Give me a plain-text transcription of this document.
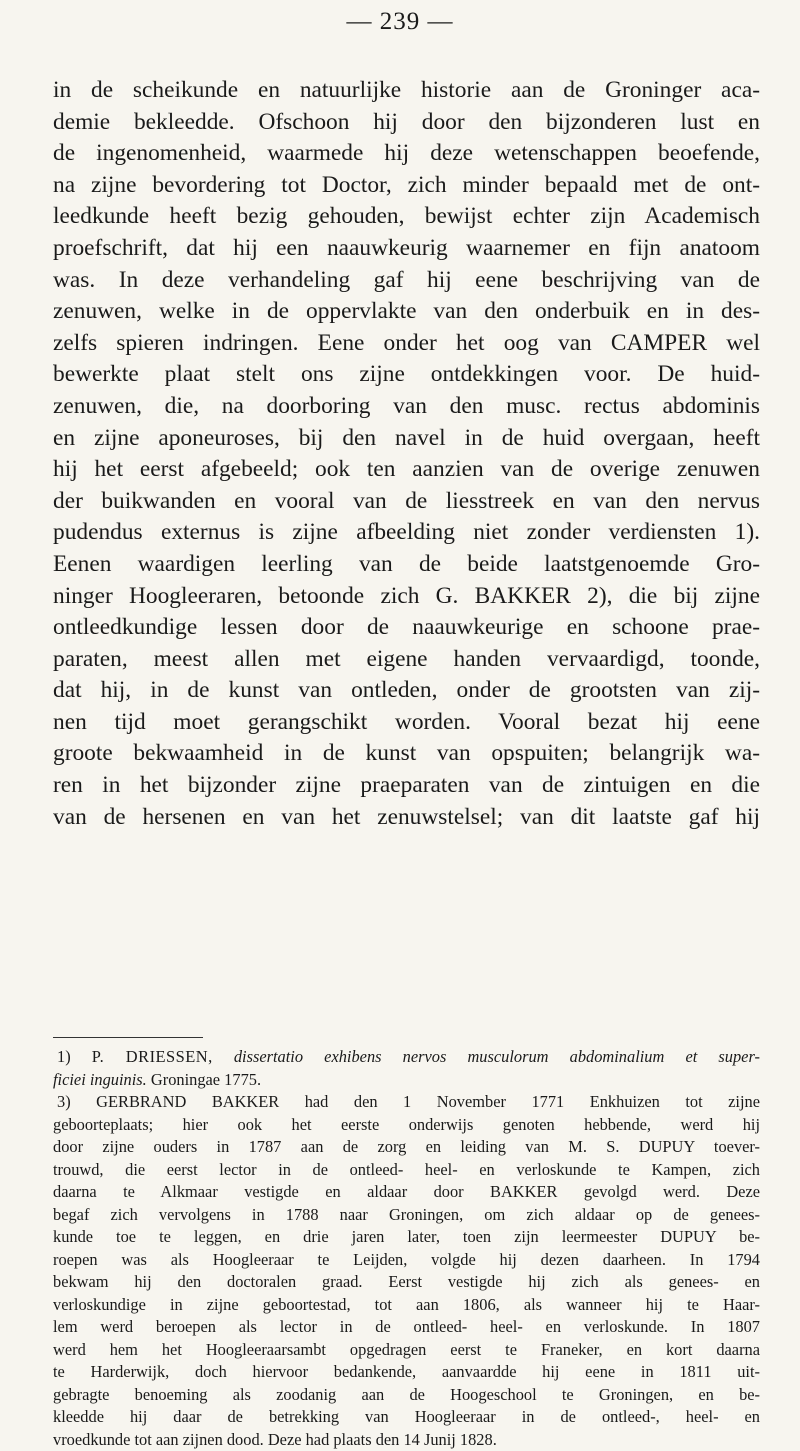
— 239 —
in de scheikunde en natuurlijke historie aan de Groninger aca-
demie bekleedde. Ofschoon hij door den bijzonderen lust en
de ingenomenheid, waarmede hij deze wetenschappen beoefende,
na zijne bevordering tot Doctor, zich minder bepaald met de ont-
leedkunde heeft bezig gehouden, bewijst echter zijn Academisch
proefschrift, dat hij een naauwkeurig waarnemer en fijn anatoom
was. In deze verhandeling gaf hij eene beschrijving van de
zenuwen, welke in de oppervlakte van den onderbuik en in des-
zelfs spieren indringen. Eene onder het oog van CAMPER wel
bewerkte plaat stelt ons zijne ontdekkingen voor. De huid-
zenuwen, die, na doorboring van den musc. rectus abdominis
en zijne aponeuroses, bij den navel in de huid overgaan, heeft
hij het eerst afgebeeld; ook ten aanzien van de overige zenuwen
der buikwanden en vooral van de liesstreek en van den nervus
pudendus externus is zijne afbeelding niet zonder verdiensten 1).
Eenen waardigen leerling van de beide laatstgenoemde Gro-
ninger Hoogleeraren, betoonde zich G. BAKKER 2), die bij zijne
ontleedkundige lessen door de naauwkeurige en schoone prae-
paraten, meest allen met eigene handen vervaardigd, toonde,
dat hij, in de kunst van ontleden, onder de grootsten van zij-
nen tijd moet gerangschikt worden. Vooral bezat hij eene
groote bekwaamheid in de kunst van opspuiten; belangrijk wa-
ren in het bijzonder zijne praeparaten van de zintuigen en die
van de hersenen en van het zenuwstelsel; van dit laatste gaf hij
1) P. DRIESSEN, dissertatio exhibens nervos musculorum abdominalium et super-
ficiei inguinis. Groningae 1775.
3) GERBRAND BAKKER had den 1 November 1771 Enkhuizen tot zijne
geboorteplaats; hier ook het eerste onderwijs genoten hebbende, werd hij
door zijne ouders in 1787 aan de zorg en leiding van M. S. DUPUY toever-
trouwd, die eerst lector in de ontleed- heel- en verloskunde te Kampen, zich
daarna te Alkmaar vestigde en aldaar door BAKKER gevolgd werd. Deze
begaf zich vervolgens in 1788 naar Groningen, om zich aldaar op de genees-
kunde toe te leggen, en drie jaren later, toen zijn leermeester DUPUY be-
roepen was als Hoogleeraar te Leijden, volgde hij dezen daarheen. In 1794
bekwam hij den doctoralen graad. Eerst vestigde hij zich als genees- en
verloskundige in zijne geboortestad, tot aan 1806, als wanneer hij te Haar-
lem werd beroepen als lector in de ontleed- heel- en verloskunde. In 1807
werd hem het Hoogleeraarsambt opgedragen eerst te Franeker, en kort daarna
te Harderwijk, doch hiervoor bedankende, aanvaardde hij eene in 1811 uit-
gebragte benoeming als zoodanig aan de Hoogeschool te Groningen, en be-
kleedde hij daar de betrekking van Hoogleeraar in de ontleed-, heel- en
vroedkunde tot aan zijnen dood. Deze had plaats den 14 Junij 1828.
